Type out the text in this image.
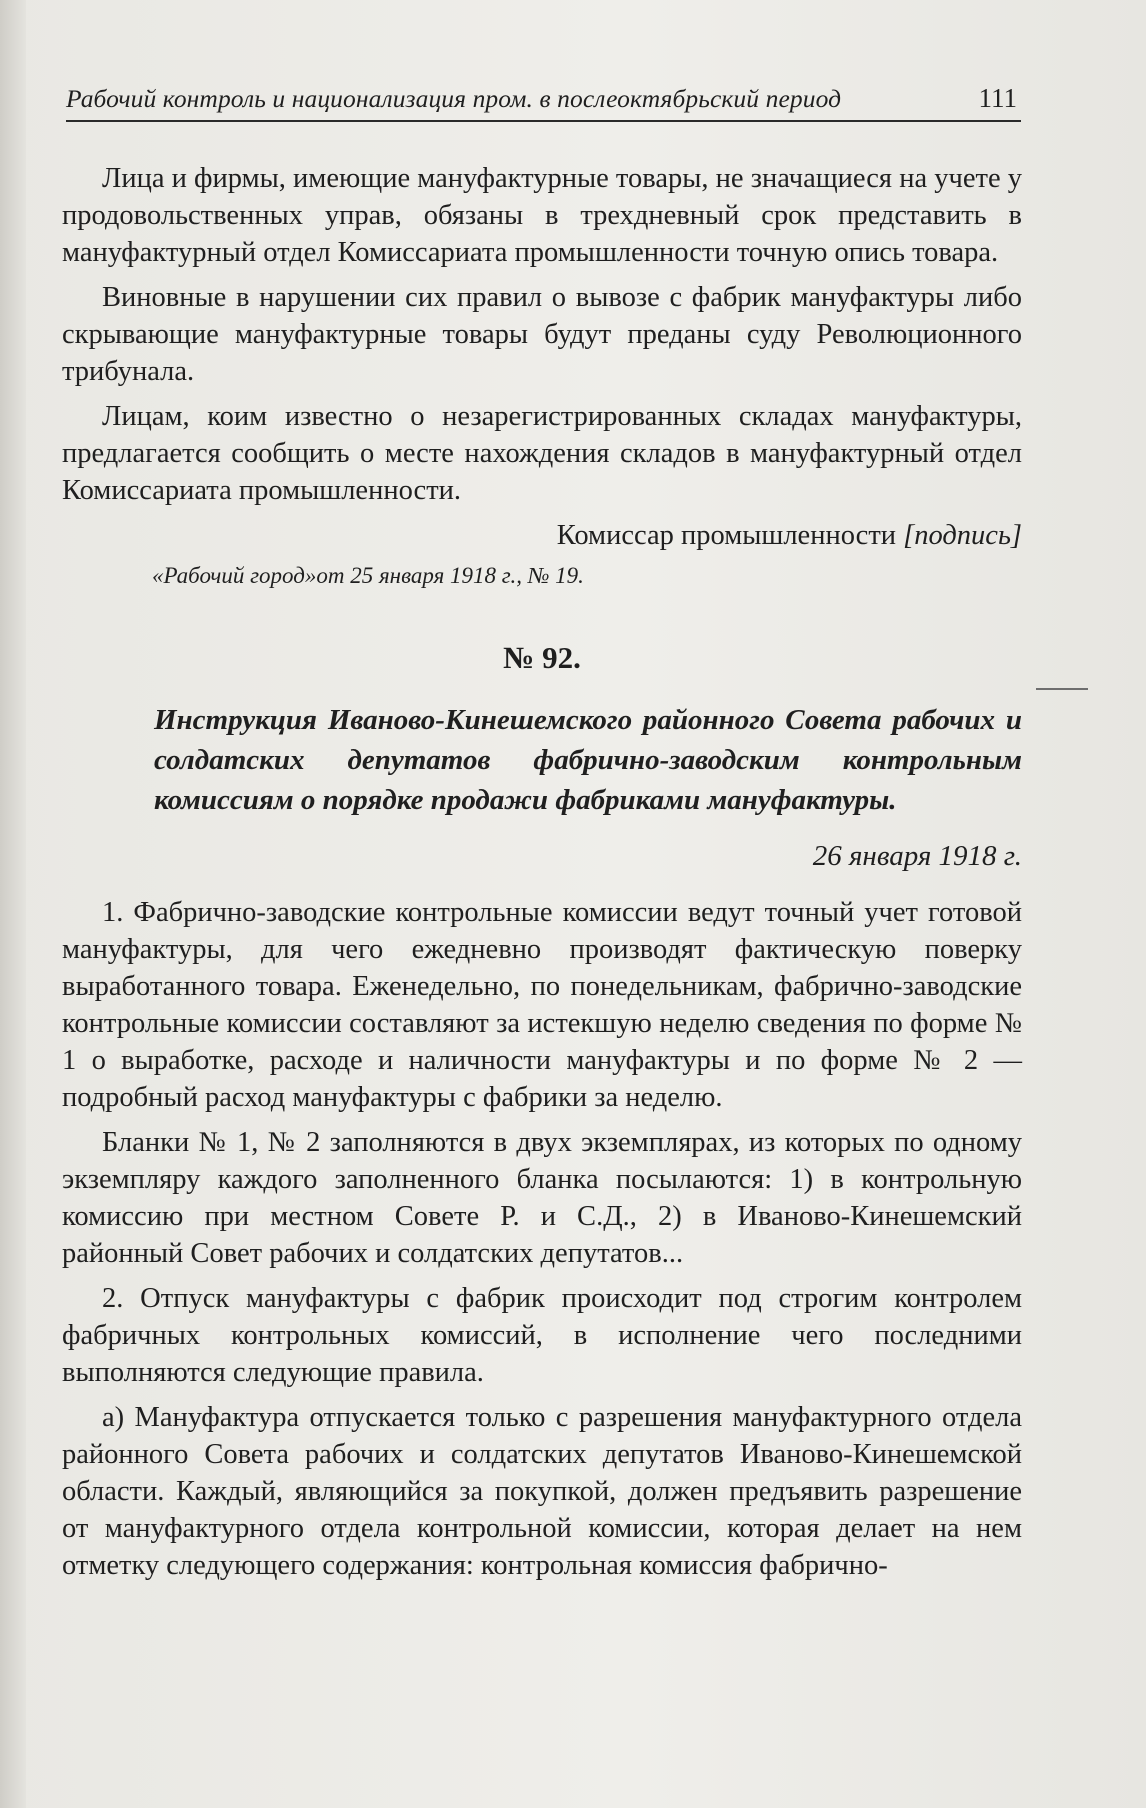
Рабочий контроль и национализация пром. в послеоктябрьский период	111

Лица и фирмы, имеющие мануфактурные товары, не значащиеся на учете у продовольственных управ, обязаны в трехдневный срок представить в мануфактурный отдел Комиссариата промышленности точную опись товара.

Виновные в нарушении сих правил о вывозе с фабрик мануфактуры либо скрывающие мануфактурные товары будут преданы суду Революционного трибунала.

Лицам, коим известно о незарегистрированных складах мануфактуры, предлагается сообщить о месте нахождения складов в мануфактурный отдел Комиссариата промышленности.

Комиссар промышленности [подпись]
«Рабочий город»от 25 января 1918 г., № 19.
№ 92.
Инструкция Иваново-Кинешемского районного Совета рабочих и солдатских депутатов фабрично-заводским контрольным комиссиям о порядке продажи фабриками мануфактуры.
26 января 1918 г.

1. Фабрично-заводские контрольные комиссии ведут точный учет готовой мануфактуры, для чего ежедневно производят фактическую поверку выработанного товара. Еженедельно, по понедельникам, фабрично-заводские контрольные комиссии составляют за истекшую неделю сведения по форме № 1 о выработке, расходе и наличности мануфактуры и по форме № 2 — подробный расход мануфактуры с фабрики за неделю.

Бланки № 1, № 2 заполняются в двух экземплярах, из которых по одному экземпляру каждого заполненного бланка посылаются: 1) в контрольную комиссию при местном Совете Р. и С.Д., 2) в Иваново-Кинешемский районный Совет рабочих и солдатских депутатов...

2. Отпуск мануфактуры с фабрик происходит под строгим контролем фабричных контрольных комиссий, в исполнение чего последними выполняются следующие правила.

а) Мануфактура отпускается только с разрешения мануфактурного отдела районного Совета рабочих и солдатских депутатов Иваново-Кинешемской области. Каждый, являющийся за покупкой, должен предъявить разрешение от мануфактурного отдела контрольной комиссии, которая делает на нем отметку следующего содержания: контрольная комиссия фабрично-
